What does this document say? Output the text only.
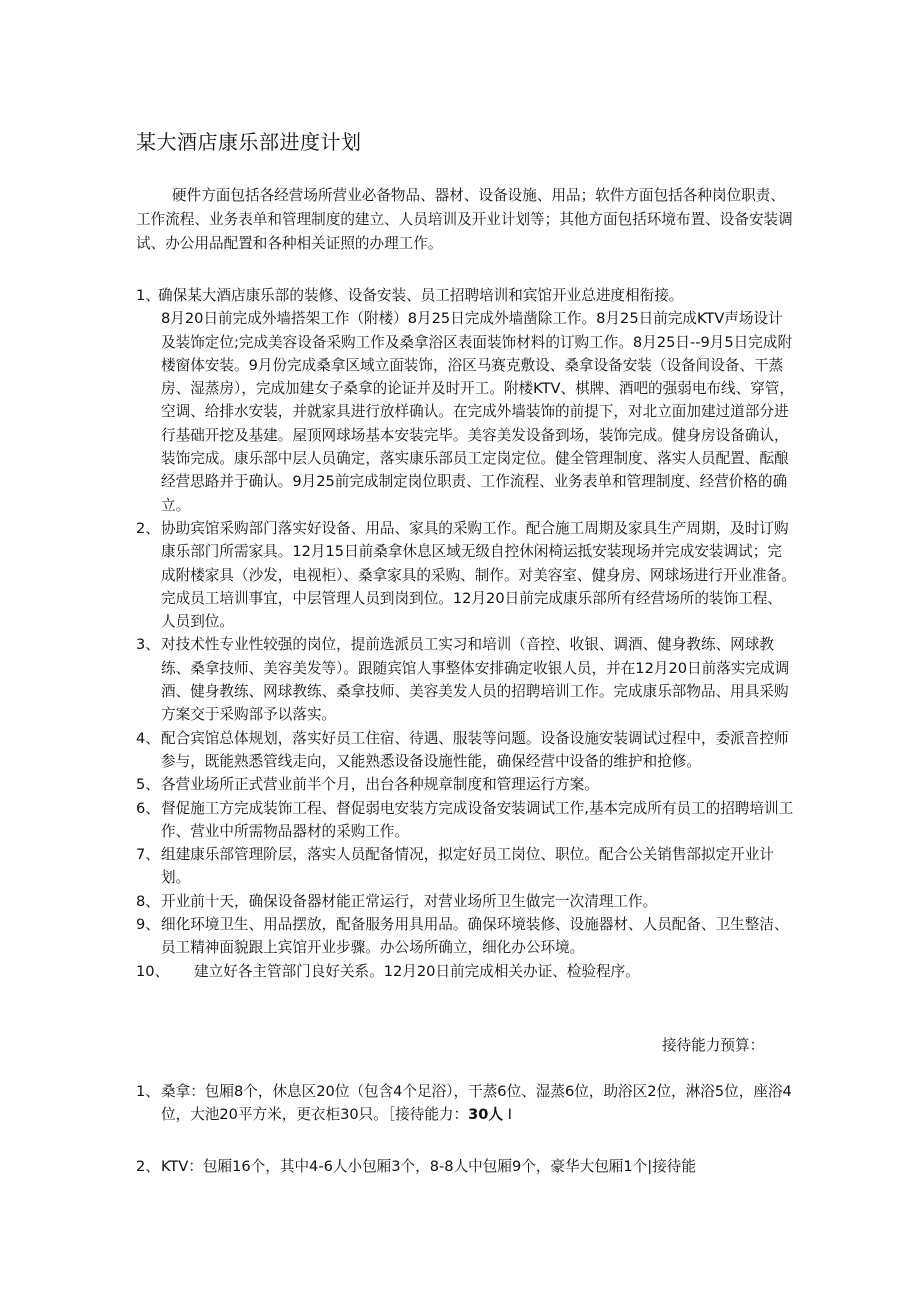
某大酒店康乐部进度计划
硬件方面包括各经营场所营业必备物品、器材、设备设施、用品；软件方面包括各种岗位职责、工作流程、业务表单和管理制度的建立、人员培训及开业计划等；其他方面包括环境布置、设备安装调试、办公用品配置和各种相关证照的办理工作。
1、
确保某大酒店康乐部的装修、设备安装、员工招聘培训和宾馆开业总进度相衔接。
8月20日前完成外墙搭架工作（附楼）8月25日完成外墙凿除工作。8月25日前完成KTV声场设计及装饰定位;完成美容设备采购工作及桑拿浴区表面装饰材料的订购工作。8月25日--9月5日完成附楼窗体安装。9月份完成桑拿区域立面装饰，浴区马赛克敷设、桑拿设备安装（设备间设备、干蒸房、湿蒸房），完成加建女子桑拿的论证并及时开工。附楼KTV、棋牌、酒吧的强弱电布线、穿管，空调、给排水安装，并就家具进行放样确认。在完成外墙装饰的前提下，对北立面加建过道部分进行基础开挖及基建。屋顶网球场基本安装完毕。美容美发设备到场，装饰完成。健身房设备确认，装饰完成。康乐部中层人员确定，落实康乐部员工定岗定位。健全管理制度、落实人员配置、酝酿经营思路并于确认。9月25前完成制定岗位职责、工作流程、业务表单和管理制度、经营价格的确立。
2、 协助宾馆采购部门落实好设备、用品、家具的采购工作。配合施工周期及家具生产周期，及时订购康乐部门所需家具。12月15日前桑拿休息区域无级自控休闲椅运抵安装现场并完成安装调试；完成附楼家具（沙发，电视柜）、桑拿家具的采购、制作。对美容室、健身房、网球场进行开业准备。完成员工培训事宜，中层管理人员到岗到位。12月20日前完成康乐部所有经营场所的装饰工程、人员到位。
3、 对技术性专业性较强的岗位，提前选派员工实习和培训（音控、收银、调酒、健身教练、网球教练、桑拿技师、美容美发等）。跟随宾馆人事整体安排确定收银人员，并在12月20日前落实完成调酒、健身教练、网球教练、桑拿技师、美容美发人员的招聘培训工作。完成康乐部物品、用具采购方案交于采购部予以落实。
4、 配合宾馆总体规划，落实好员工住宿、待遇、服装等问题。设备设施安装调试过程中，委派音控师参与，既能熟悉管线走向，又能熟悉设备设施性能，确保经营中设备的维护和抢修。
5、 各营业场所正式营业前半个月，出台各种规章制度和管理运行方案。
6、 督促施工方完成装饰工程、督促弱电安装方完成设备安装调试工作,基本完成所有员工的招聘培训工作、营业中所需物品器材的采购工作。
7、 组建康乐部管理阶层，落实人员配备情况，拟定好员工岗位、职位。配合公关销售部拟定开业计划。
8、 开业前十天，确保设备器材能正常运行，对营业场所卫生做完一次清理工作。
9、 细化环境卫生、用品摆放，配备服务用具用品。确保环境装修、设施器材、人员配备、卫生整洁、员工精神面貌跟上宾馆开业步骤。办公场所确立，细化办公环境。
10、 建立好各主管部门良好关系。12月20日前完成相关办证、检验程序。
接待能力预算：
1、 桑拿：包厢8个，休息区20位（包含4个足浴），干蒸6位、湿蒸6位，助浴区2位，淋浴5位，座浴4位，大池20平方米，更衣柜30只。［接待能力：30人 I
2、 KTV：包厢16个，其中4-6人小包厢3个，8-8人中包厢9个，豪华大包厢1个|接待能
